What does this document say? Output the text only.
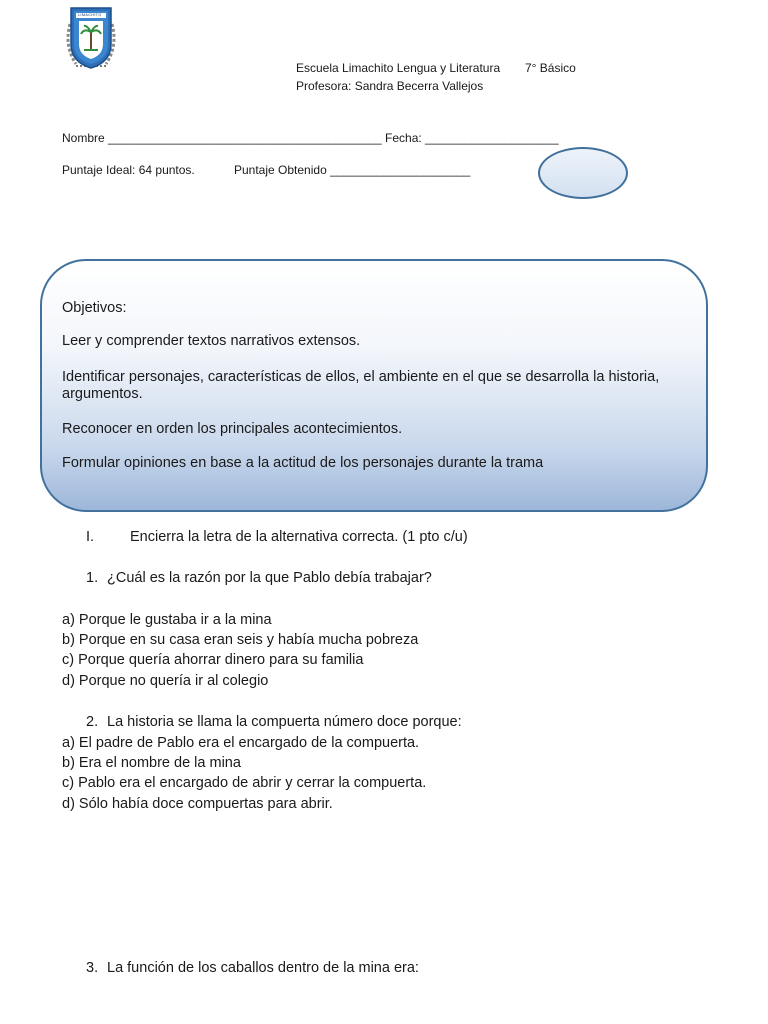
LIMACHITO
Escuela Limachito Lengua y Literatura 7° Básico
Profesora: Sandra Becerra Vallejos
Nombre _________________________________________ Fecha: ____________________
Puntaje Ideal: 64 puntos.	Puntaje Obtenido _____________________
Objetivos:
Leer y comprender textos narrativos extensos.
Identificar personajes, características de ellos, el ambiente en el que se desarrolla la historia, argumentos.
Reconocer en orden los principales acontecimientos.
Formular opiniones en base a la actitud de los personajes durante la trama
I. Encierra la letra de la alternativa correcta. (1 pto c/u)
1. ¿Cuál es la razón por la que Pablo debía trabajar?
a) Porque le gustaba ir a la mina
b) Porque en su casa eran seis y había mucha pobreza
c) Porque quería ahorrar dinero para su familia
d) Porque no quería ir al colegio
2. La historia se llama la compuerta número doce porque:
a) El padre de Pablo era el encargado de la compuerta.
b) Era el nombre de la mina
c) Pablo era el encargado de abrir y cerrar la compuerta.
d) Sólo había doce compuertas para abrir.
3. La función de los caballos dentro de la mina era:
